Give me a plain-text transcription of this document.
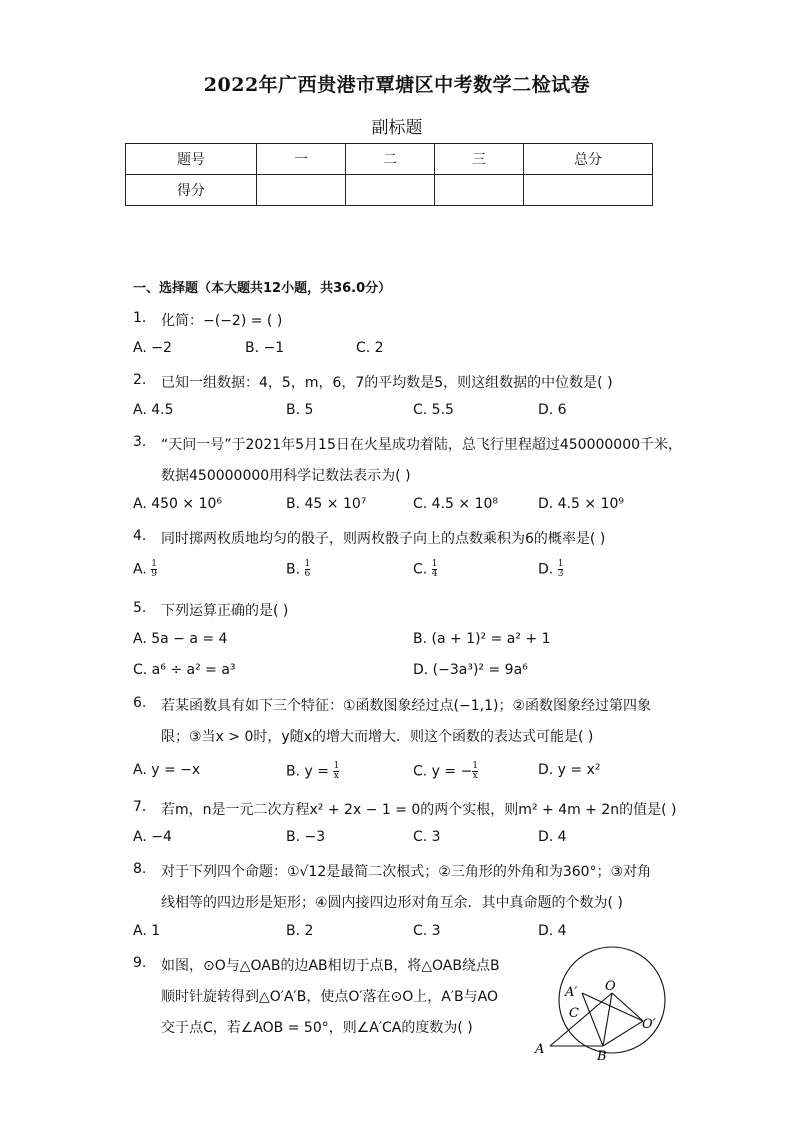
2022年广西贵港市覃塘区中考数学二检试卷
副标题
题号	一	二	三	总分
得分				
一、选择题（本大题共12小题，共36.0分）
1. 化简：−(−2) = ( )
A. −2	B. −1	C. 2
2. 已知一组数据：4，5，m，6，7的平均数是5，则这组数据的中位数是( )
A. 4.5	B. 5	C. 5.5	D. 6
3. “天问一号”于2021年5月15日在火星成功着陆，总飞行里程超过450000000千米，
数据450000000用科学记数法表示为( )
A. 450 × 10⁶	B. 45 × 10⁷	C. 4.5 × 10⁸	D. 4.5 × 10⁹
4. 同时掷两枚质地均匀的骰子，则两枚骰子向上的点数乘积为6的概率是( )
A. $\frac{1}{9}$	B. $\frac{1}{6}$	C. $\frac{1}{4}$	D. $\frac{1}{3}$
5. 下列运算正确的是( )
A. 5a − a = 4	B. (a + 1)² = a² + 1
C. a⁶ ÷ a² = a³	D. (−3a³)² = 9a⁶
6. 若某函数具有如下三个特征：①函数图象经过点(−1,1)；②函数图象经过第四象
限；③当x > 0时，y随x的增大而增大．则这个函数的表达式可能是( )
A. y = −x	B. $y = \frac{1}{x}$	C. y = − $\frac{1}{x}$	D. y = x²
7. 若m，n是一元二次方程x² + 2x − 1 = 0的两个实根，则m² + 4m + 2n的值是( )
A. −4	B. −3	C. 3	D. 4
8. 对于下列四个命题：①√12是最简二次根式；②三角形的外角和为360°；③对角
线相等的四边形是矩形；④圆内接四边形对角互余．其中真命题的个数为( )
A. 1	B. 2	C. 3	D. 4
9. 如图，⊙O与△OAB的边AB相切于点B，将△OAB绕点B
顺时针旋转得到△O′A′B，使点O′落在⊙O上，A′B与AO
交于点C，若∠AOB = 50°，则∠A′CA的度数为( )
A′ O
C
O′
A	B
